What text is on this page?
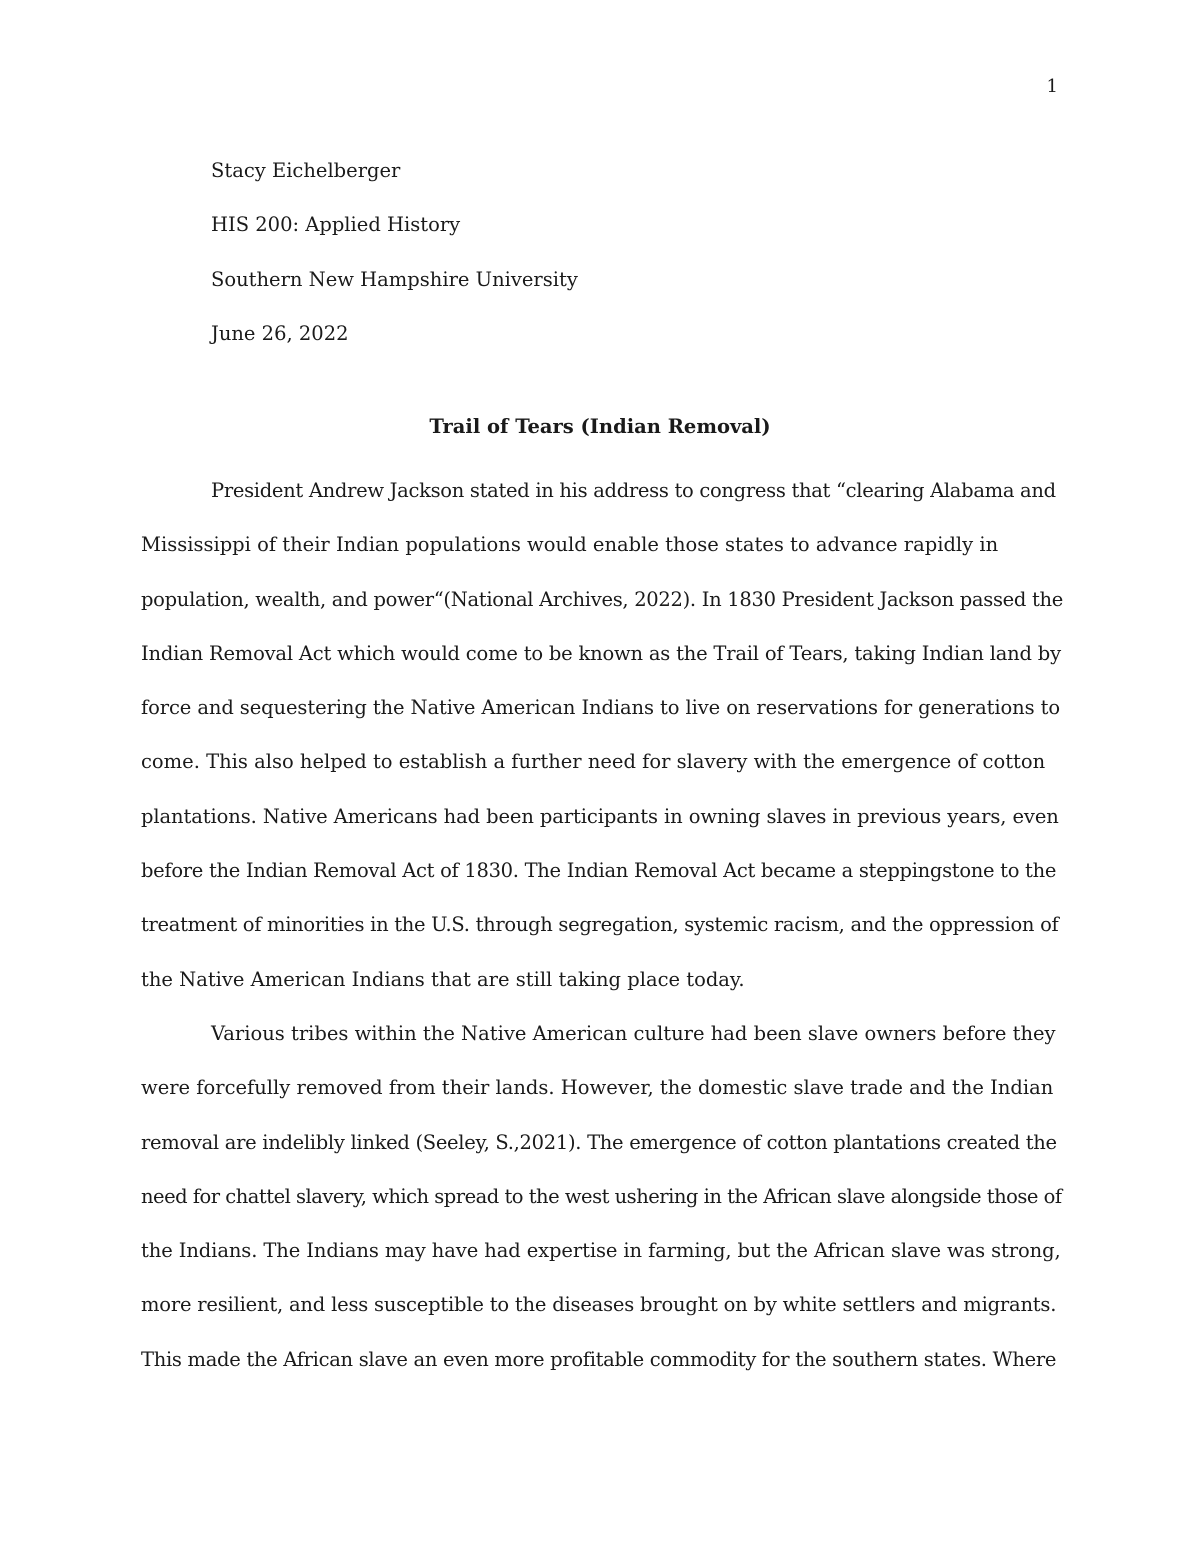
1
Stacy Eichelberger
HIS 200: Applied History
Southern New Hampshire University
June 26, 2022
Trail of Tears (Indian Removal)
President Andrew Jackson stated in his address to congress that “clearing Alabama and
Mississippi of their Indian populations would enable those states to advance rapidly in
population, wealth, and power“(National Archives, 2022). In 1830 President Jackson passed the
Indian Removal Act which would come to be known as the Trail of Tears, taking Indian land by
force and sequestering the Native American Indians to live on reservations for generations to
come. This also helped to establish a further need for slavery with the emergence of cotton
plantations. Native Americans had been participants in owning slaves in previous years, even
before the Indian Removal Act of 1830. The Indian Removal Act became a steppingstone to the
treatment of minorities in the U.S. through segregation, systemic racism, and the oppression of
the Native American Indians that are still taking place today.
Various tribes within the Native American culture had been slave owners before they
were forcefully removed from their lands. However, the domestic slave trade and the Indian
removal are indelibly linked (Seeley, S.,2021). The emergence of cotton plantations created the
need for chattel slavery, which spread to the west ushering in the African slave alongside those of
the Indians. The Indians may have had expertise in farming, but the African slave was strong,
more resilient, and less susceptible to the diseases brought on by white settlers and migrants.
This made the African slave an even more profitable commodity for the southern states. Where
